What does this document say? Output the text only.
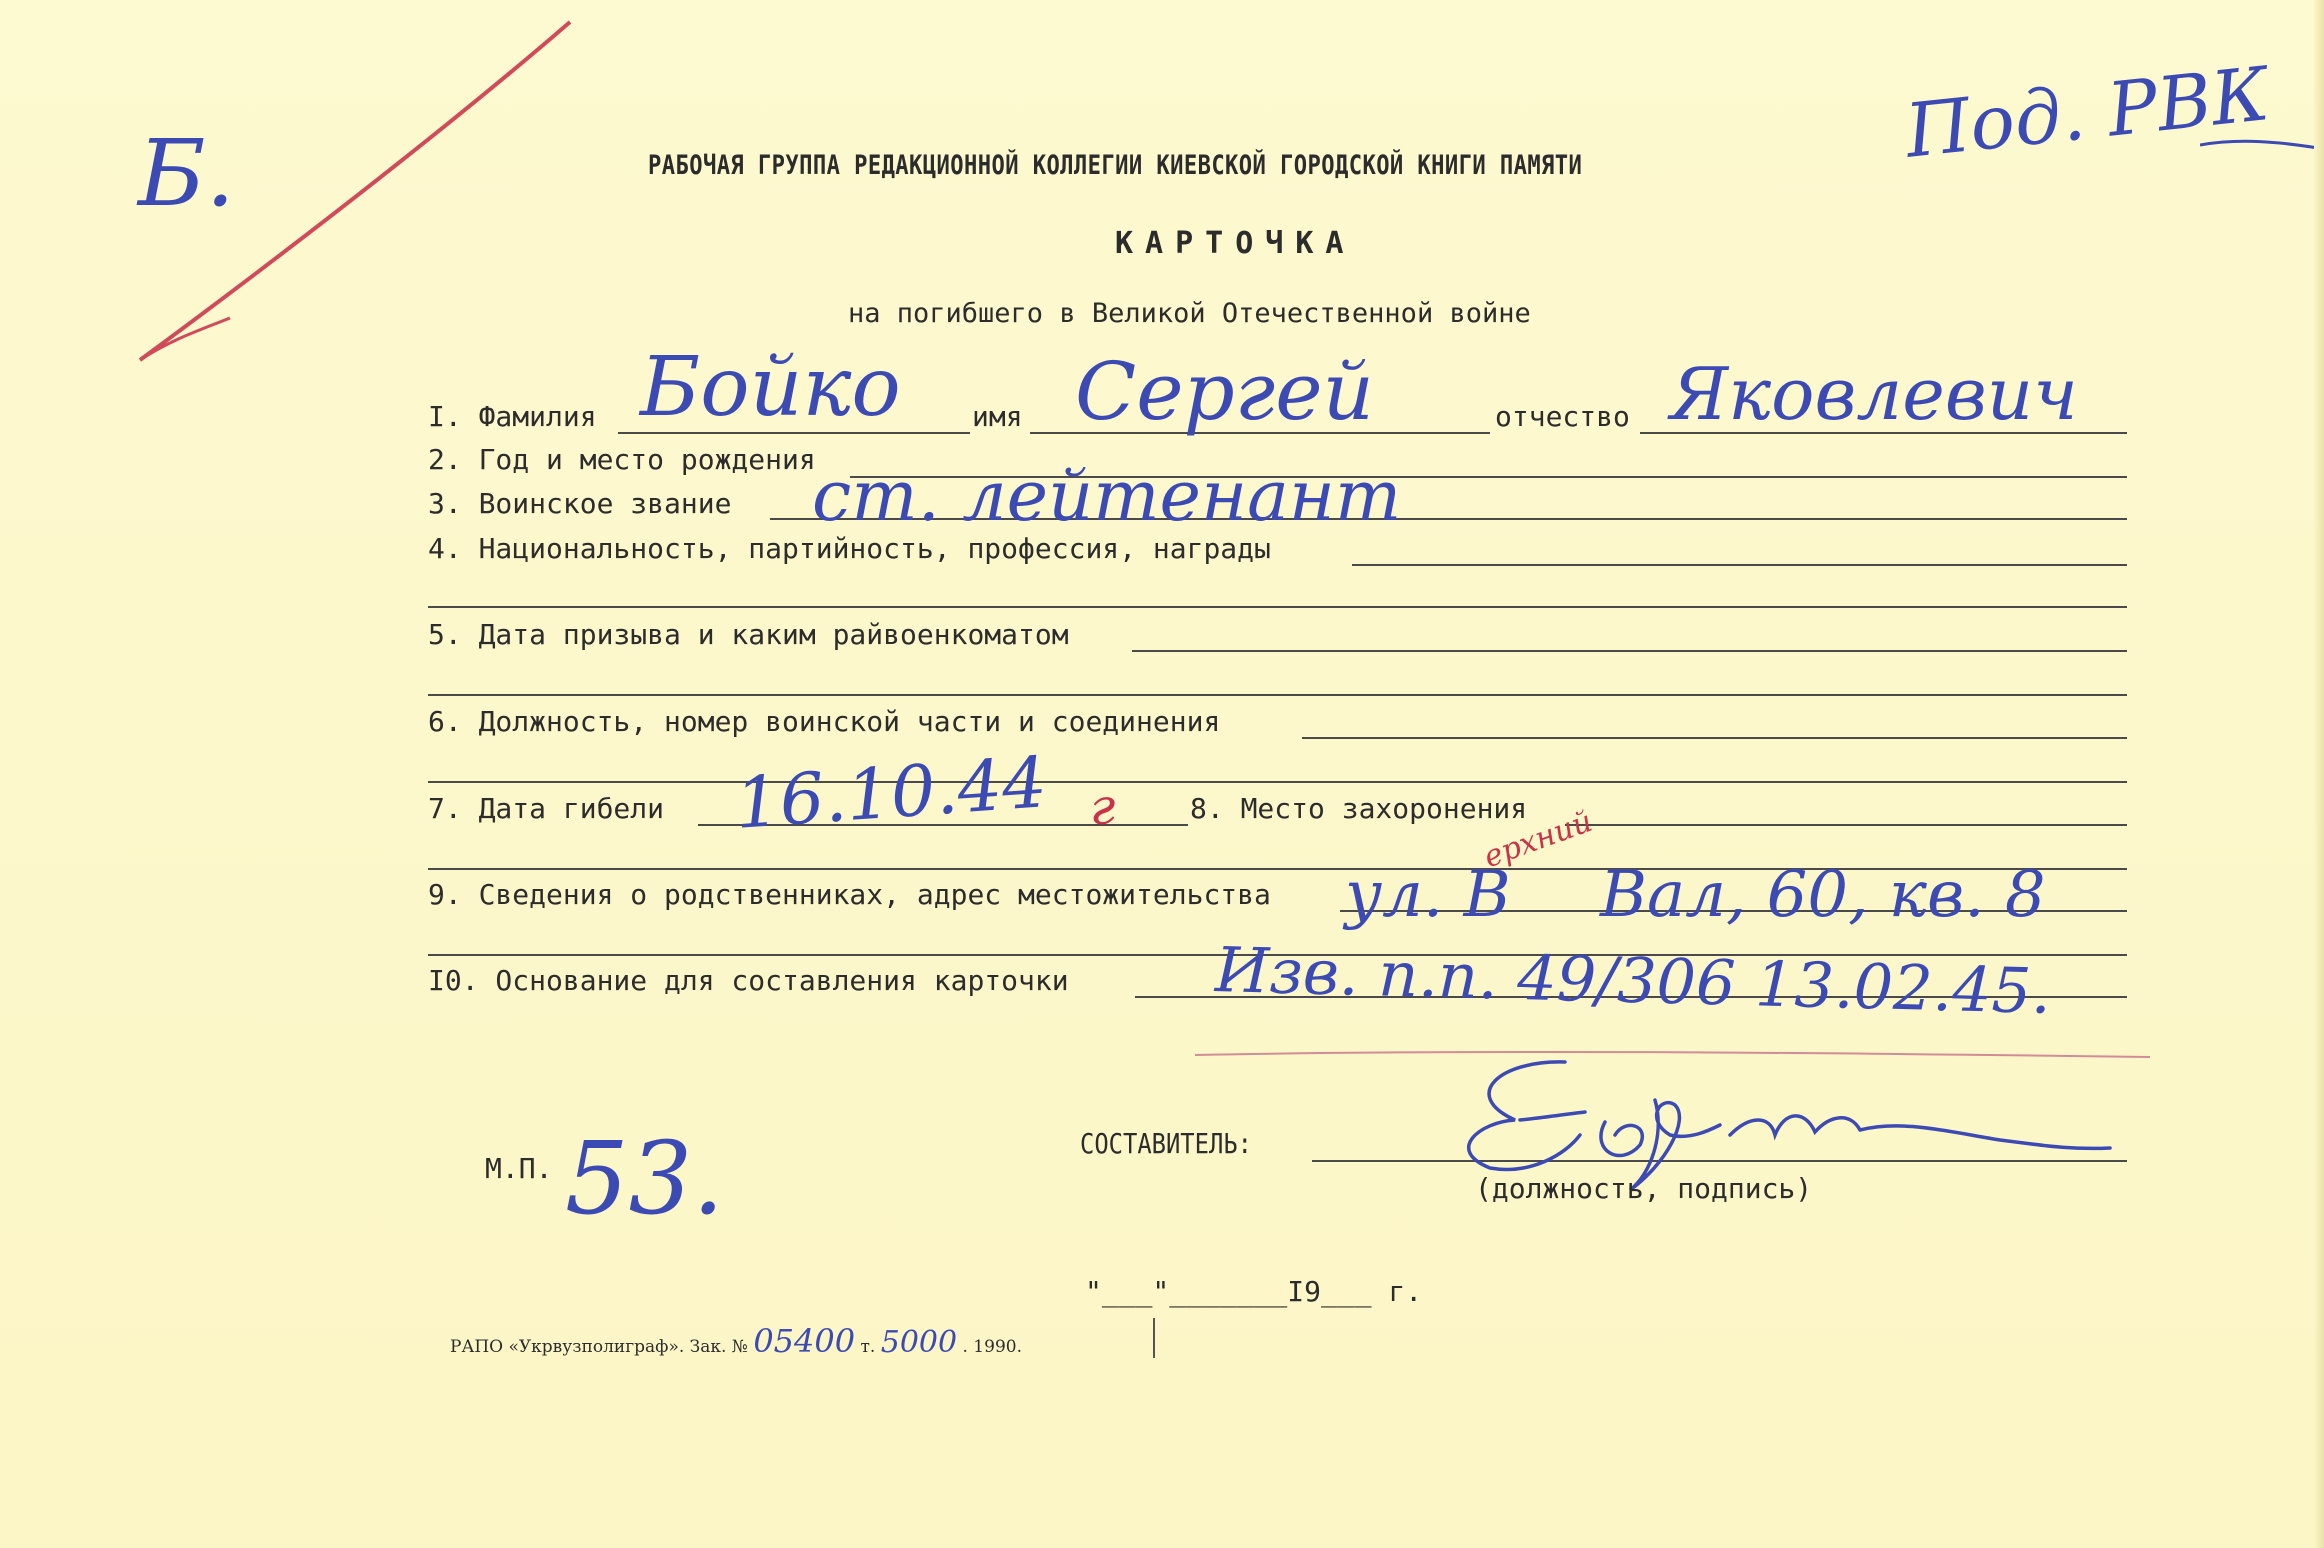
Б.	Под. РВК
РАБОЧАЯ ГРУППА РЕДАКЦИОННОЙ КОЛЛЕГИИ КИЕВСКОЙ ГОРОДСКОЙ КНИГИ ПАМЯТИ
КАРТОЧКА
на погибшего в Великой Отечественной войне
I. Фамилия Бойко	имя Сергей	отчество Яковлевич
2. Год и место рождения
3. Воинское звание ст. лейтенант
4. Национальность, партийность, профессия, награды
5. Дата призыва и каким райвоенкоматом
6. Должность, номер воинской части и соединения
7. Дата гибели 16.10.44 г	8. Место захоронения
9. Сведения о родственниках, адрес местожительства ул. В
ерхний
Вал, 60, кв. 8
I0. Основание для составления карточки Изв. п.п. 49/306 13.02.45.
М.П. 53.	СОСТАВИТЕЛЬ:
(должность, подпись)
"___"_______I9___ г.
РАПО «Укрвузполиграф». Зак. № 05400 т. 5000 . 1990.
